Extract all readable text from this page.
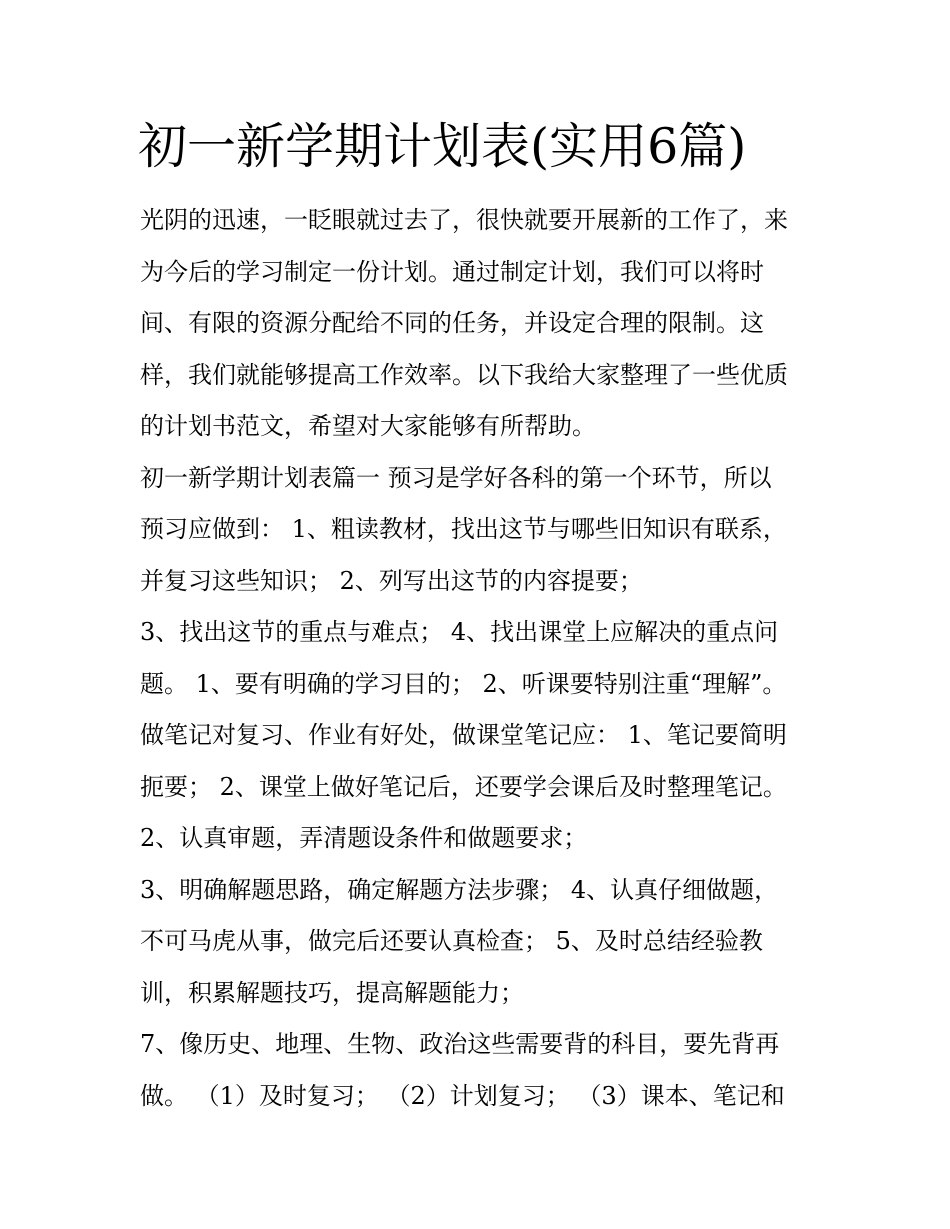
初一新学期计划表(实用6篇)
光阴的迅速，一眨眼就过去了，很快就要开展新的工作了，来
为今后的学习制定一份计划。通过制定计划，我们可以将时
间、有限的资源分配给不同的任务，并设定合理的限制。这
样，我们就能够提高工作效率。以下我给大家整理了一些优质
的计划书范文，希望对大家能够有所帮助。
初一新学期计划表篇一 预习是学好各科的第一个环节，所以
预习应做到： 1、粗读教材，找出这节与哪些旧知识有联系，
并复习这些知识； 2、列写出这节的内容提要；
3、找出这节的重点与难点； 4、找出课堂上应解决的重点问
题。 1、要有明确的学习目的； 2、听课要特别注重“理解”。
做笔记对复习、作业有好处，做课堂笔记应： 1、笔记要简明
扼要； 2、课堂上做好笔记后，还要学会课后及时整理笔记。
2、认真审题，弄清题设条件和做题要求；
3、明确解题思路，确定解题方法步骤； 4、认真仔细做题，
不可马虎从事，做完后还要认真检查； 5、及时总结经验教
训，积累解题技巧，提高解题能力；
7、像历史、地理、生物、政治这些需要背的科目，要先背再
做。 （1）及时复习； （2）计划复习； （3）课本、笔记和
